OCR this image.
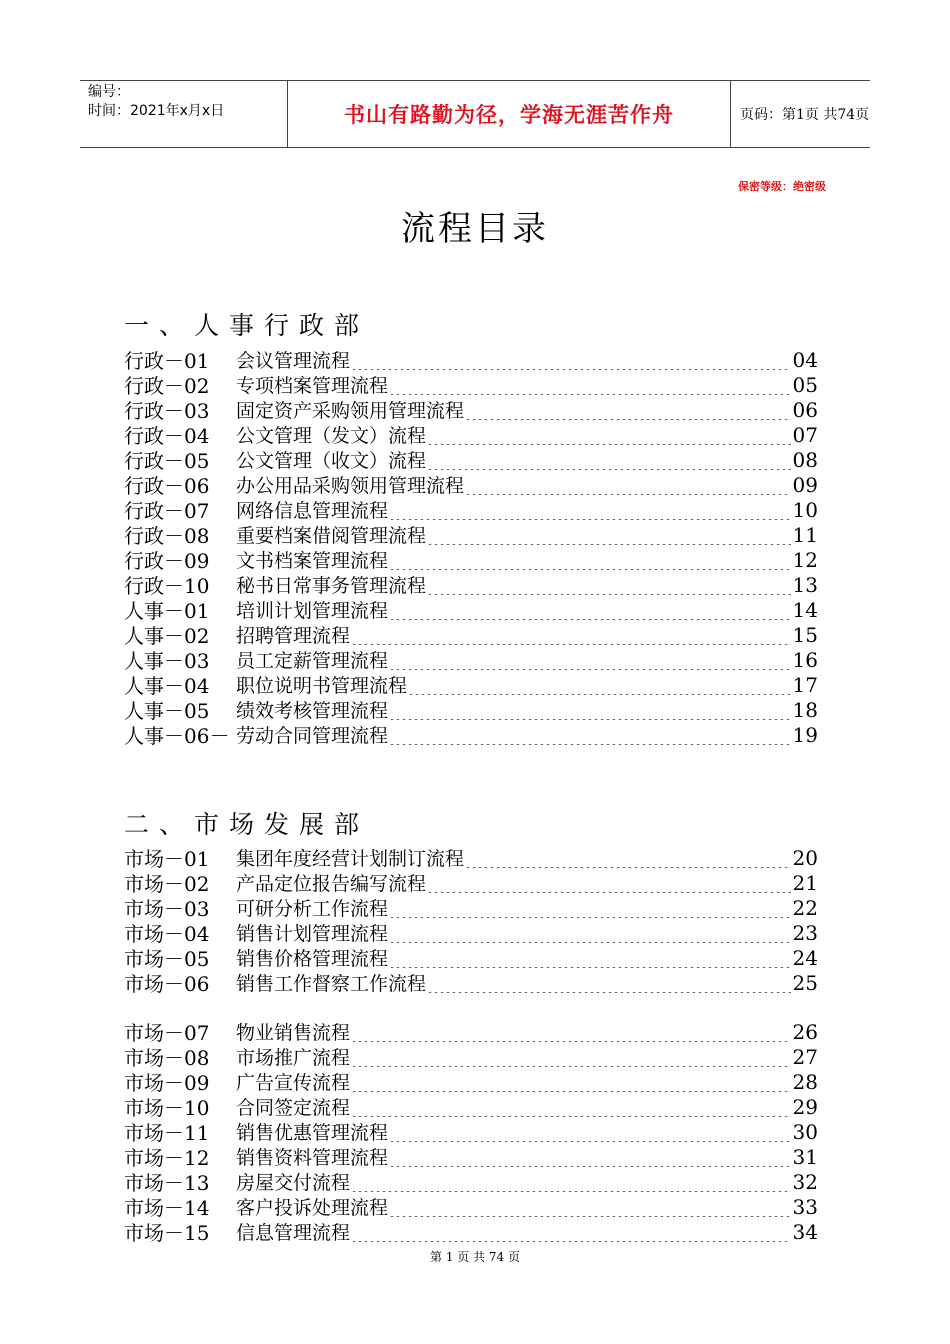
编号：
时间：2021年x月x日	书山有路勤为径，学海无涯苦作舟	页码：第1页 共74页
保密等级：绝密级
流程目录
一、人事行政部
行政－01	会议管理流程	04
行政－02	专项档案管理流程	05
行政－03	固定资产采购领用管理流程	06
行政－04	公文管理（发文）流程	07
行政－05	公文管理（收文）流程	08
行政－06	办公用品采购领用管理流程	09
行政－07	网络信息管理流程	10
行政－08	重要档案借阅管理流程	11
行政－09	文书档案管理流程	12
行政－10	秘书日常事务管理流程	13
人事－01	培训计划管理流程	14
人事－02	招聘管理流程	15
人事－03	员工定薪管理流程	16
人事－04	职位说明书管理流程	17
人事－05	绩效考核管理流程	18
人事－06－ 劳动合同管理流程	19
二、市场发展部
市场－01	集团年度经营计划制订流程	20
市场－02	产品定位报告编写流程	21
市场－03	可研分析工作流程	22
市场－04	销售计划管理流程	23
市场－05	销售价格管理流程	24
市场－06	销售工作督察工作流程	25
市场－07	物业销售流程	26
市场－08	市场推广流程	27
市场－09	广告宣传流程	28
市场－10	合同签定流程	29
市场－11	销售优惠管理流程	30
市场－12	销售资料管理流程	31
市场－13	房屋交付流程	32
市场－14	客户投诉处理流程	33
市场－15	信息管理流程	34
第 1 页 共 74 页
